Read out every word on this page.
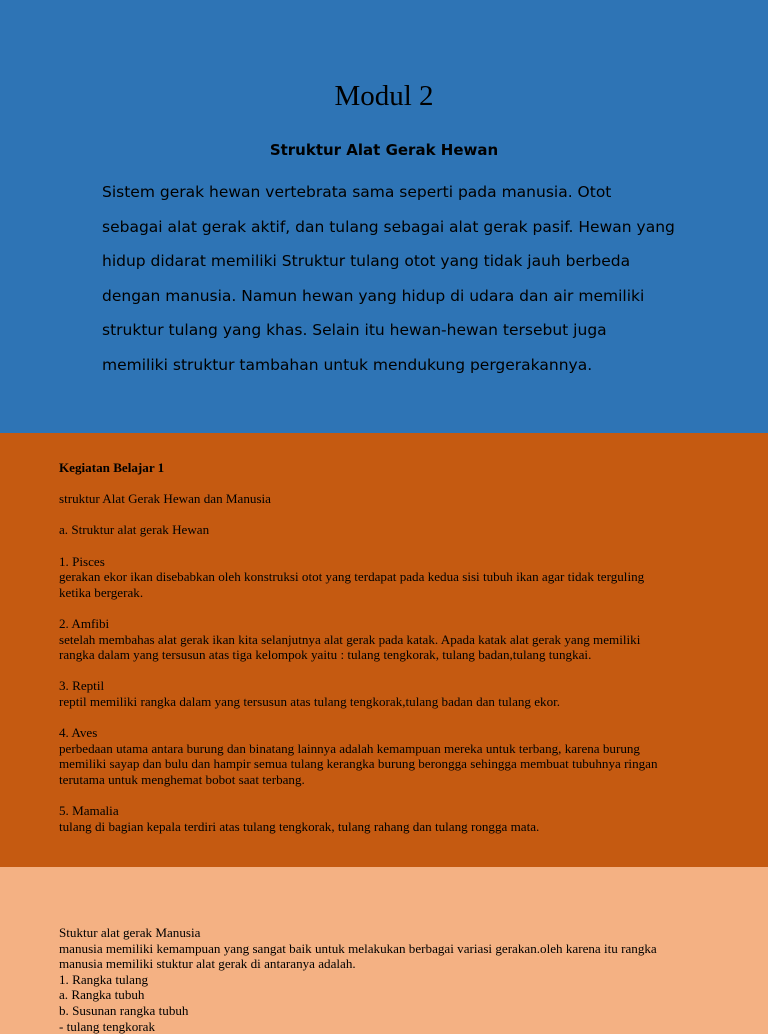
Modul 2
Struktur Alat Gerak Hewan

Sistem gerak hewan vertebrata sama seperti pada manusia. Otot
sebagai alat gerak aktif, dan tulang sebagai alat gerak pasif. Hewan yang
hidup didarat memiliki Struktur tulang otot yang tidak jauh berbeda
dengan manusia. Namun hewan yang hidup di udara dan air memiliki
struktur tulang yang khas. Selain itu hewan-hewan tersebut juga
memiliki struktur tambahan untuk mendukung pergerakannya.

Kegiatan Belajar 1
struktur Alat Gerak Hewan dan Manusia
a. Struktur alat gerak Hewan
1. Pisces
gerakan ekor ikan disebabkan oleh konstruksi otot yang terdapat pada kedua sisi tubuh ikan agar tidak terguling
ketika bergerak.
2. Amfibi
setelah membahas alat gerak ikan kita selanjutnya alat gerak pada katak. Apada katak alat gerak yang memiliki
rangka dalam yang tersusun atas tiga kelompok yaitu : tulang tengkorak, tulang badan,tulang tungkai.
3. Reptil
reptil memiliki rangka dalam yang tersusun atas tulang tengkorak,tulang badan dan tulang ekor.
4. Aves
perbedaan utama antara burung dan binatang lainnya adalah kemampuan mereka untuk terbang, karena burung
memiliki sayap dan bulu dan hampir semua tulang kerangka burung berongga sehingga membuat tubuhnya ringan
terutama untuk menghemat bobot saat terbang.
5. Mamalia
tulang di bagian kepala terdiri atas tulang tengkorak, tulang rahang dan tulang rongga mata.
Stuktur alat gerak Manusia
manusia memiliki kemampuan yang sangat baik untuk melakukan berbagai variasi gerakan.oleh karena itu rangka
manusia memiliki stuktur alat gerak di antaranya adalah.
1. Rangka tulang
a. Rangka tubuh
b. Susunan rangka tubuh
- tulang tengkorak
